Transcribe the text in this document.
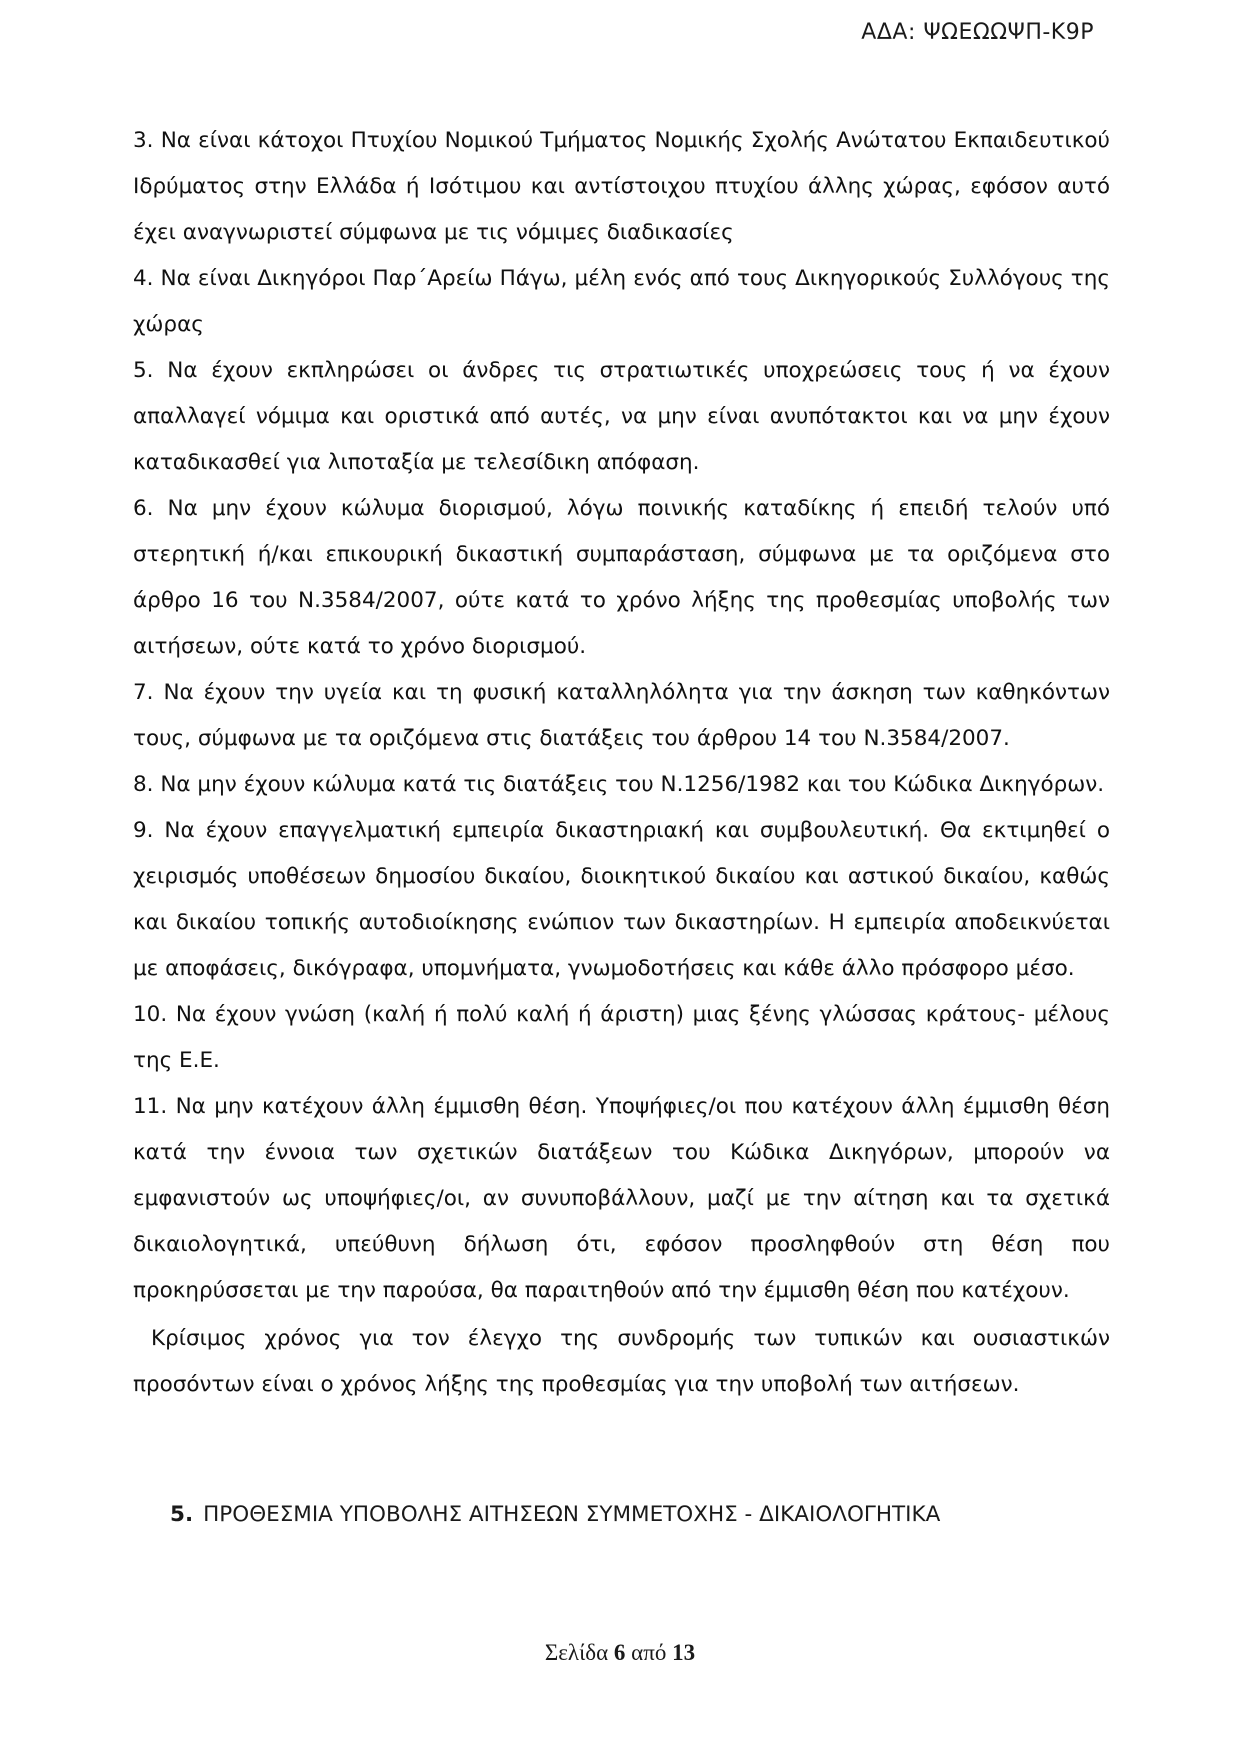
ΑΔΑ: ΨΩΕΩΩΨΠ-Κ9Ρ

3. Να είναι κάτοχοι Πτυχίου Νομικού Τμήματος Νομικής Σχολής Ανώτατου Εκπαιδευτικού Ιδρύματος στην Ελλάδα ή Ισότιμου και αντίστοιχου πτυχίου άλλης χώρας, εφόσον αυτό έχει αναγνωριστεί σύμφωνα με τις νόμιμες διαδικασίες

4. Να είναι Δικηγόροι Παρ΄Αρείω Πάγω, μέλη ενός από τους Δικηγορικούς Συλλόγους της χώρας

5. Να έχουν εκπληρώσει οι άνδρες τις στρατιωτικές υποχρεώσεις τους ή να έχουν απαλλαγεί νόμιμα και οριστικά από αυτές, να μην είναι ανυπότακτοι και να μην έχουν καταδικασθεί για λιποταξία με τελεσίδικη απόφαση.

6. Να μην έχουν κώλυμα διορισμού, λόγω ποινικής καταδίκης ή επειδή τελούν υπό στερητική ή/και επικουρική δικαστική συμπαράσταση, σύμφωνα με τα οριζόμενα στο άρθρο 16 του Ν.3584/2007, ούτε κατά το χρόνο λήξης της προθεσμίας υποβολής των αιτήσεων, ούτε κατά το χρόνο διορισμού.

7. Να έχουν την υγεία και τη φυσική καταλληλόλητα για την άσκηση των καθηκόντων τους, σύμφωνα με τα οριζόμενα στις διατάξεις του άρθρου 14 του Ν.3584/2007.

8. Να μην έχουν κώλυμα κατά τις διατάξεις του Ν.1256/1982 και του Κώδικα Δικηγόρων.

9. Να έχουν επαγγελματική εμπειρία δικαστηριακή και συμβουλευτική. Θα εκτιμηθεί ο χειρισμός υποθέσεων δημοσίου δικαίου, διοικητικού δικαίου και αστικού δικαίου, καθώς και δικαίου τοπικής αυτοδιοίκησης ενώπιον των δικαστηρίων. Η εμπειρία αποδεικνύεται με αποφάσεις, δικόγραφα, υπομνήματα, γνωμοδοτήσεις και κάθε άλλο πρόσφορο μέσο.

10. Να έχουν γνώση (καλή ή πολύ καλή ή άριστη) μιας ξένης γλώσσας κράτους- μέλους της Ε.Ε.

11. Να μην κατέχουν άλλη έμμισθη θέση. Υποψήφιες/οι που κατέχουν άλλη έμμισθη θέση κατά την έννοια των σχετικών διατάξεων του Κώδικα Δικηγόρων, μπορούν να εμφανιστούν ως υποψήφιες/οι, αν συνυποβάλλουν, μαζί με την αίτηση και τα σχετικά δικαιολογητικά, υπεύθυνη δήλωση ότι, εφόσον προσληφθούν στη θέση που προκηρύσσεται με την παρούσα, θα παραιτηθούν από την έμμισθη θέση που κατέχουν.

Κρίσιμος χρόνος για τον έλεγχο της συνδρομής των τυπικών και ουσιαστικών προσόντων είναι ο χρόνος λήξης της προθεσμίας για την υποβολή των αιτήσεων.

5. ΠΡΟΘΕΣΜΙΑ ΥΠΟΒΟΛΗΣ ΑΙΤΗΣΕΩΝ ΣΥΜΜΕΤΟΧΗΣ - ΔΙΚΑΙΟΛΟΓΗΤΙΚΑ
Σελίδα 6 από 13
